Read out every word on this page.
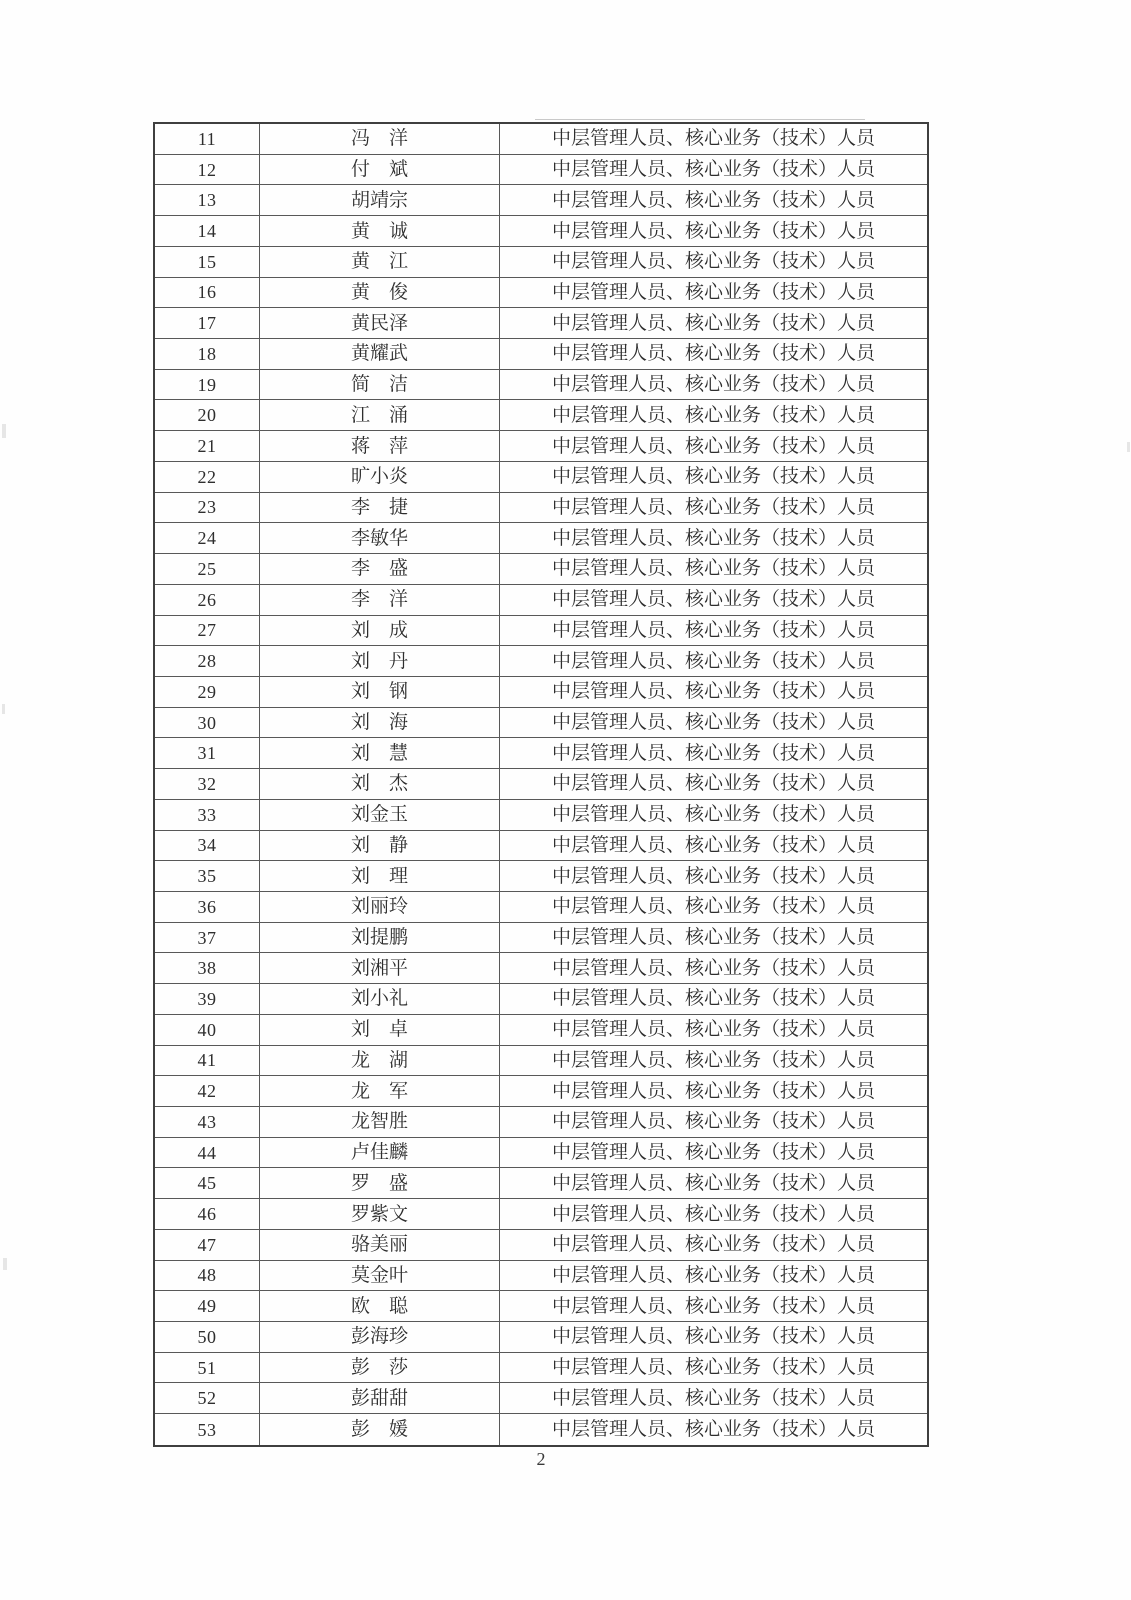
11	冯　洋	中层管理人员、核心业务（技术）人员
12	付　斌	中层管理人员、核心业务（技术）人员
13	胡靖宗	中层管理人员、核心业务（技术）人员
14	黄　诚	中层管理人员、核心业务（技术）人员
15	黄　江	中层管理人员、核心业务（技术）人员
16	黄　俊	中层管理人员、核心业务（技术）人员
17	黄民泽	中层管理人员、核心业务（技术）人员
18	黄耀武	中层管理人员、核心业务（技术）人员
19	简　洁	中层管理人员、核心业务（技术）人员
20	江　涌	中层管理人员、核心业务（技术）人员
21	蒋　萍	中层管理人员、核心业务（技术）人员
22	旷小炎	中层管理人员、核心业务（技术）人员
23	李　捷	中层管理人员、核心业务（技术）人员
24	李敏华	中层管理人员、核心业务（技术）人员
25	李　盛	中层管理人员、核心业务（技术）人员
26	李　洋	中层管理人员、核心业务（技术）人员
27	刘　成	中层管理人员、核心业务（技术）人员
28	刘　丹	中层管理人员、核心业务（技术）人员
29	刘　钢	中层管理人员、核心业务（技术）人员
30	刘　海	中层管理人员、核心业务（技术）人员
31	刘　慧	中层管理人员、核心业务（技术）人员
32	刘　杰	中层管理人员、核心业务（技术）人员
33	刘金玉	中层管理人员、核心业务（技术）人员
34	刘　静	中层管理人员、核心业务（技术）人员
35	刘　理	中层管理人员、核心业务（技术）人员
36	刘丽玲	中层管理人员、核心业务（技术）人员
37	刘提鹏	中层管理人员、核心业务（技术）人员
38	刘湘平	中层管理人员、核心业务（技术）人员
39	刘小礼	中层管理人员、核心业务（技术）人员
40	刘　卓	中层管理人员、核心业务（技术）人员
41	龙　湖	中层管理人员、核心业务（技术）人员
42	龙　军	中层管理人员、核心业务（技术）人员
43	龙智胜	中层管理人员、核心业务（技术）人员
44	卢佳麟	中层管理人员、核心业务（技术）人员
45	罗　盛	中层管理人员、核心业务（技术）人员
46	罗紫文	中层管理人员、核心业务（技术）人员
47	骆美丽	中层管理人员、核心业务（技术）人员
48	莫金叶	中层管理人员、核心业务（技术）人员
49	欧　聪	中层管理人员、核心业务（技术）人员
50	彭海珍	中层管理人员、核心业务（技术）人员
51	彭　莎	中层管理人员、核心业务（技术）人员
52	彭甜甜	中层管理人员、核心业务（技术）人员
53	彭　媛	中层管理人员、核心业务（技术）人员
2
